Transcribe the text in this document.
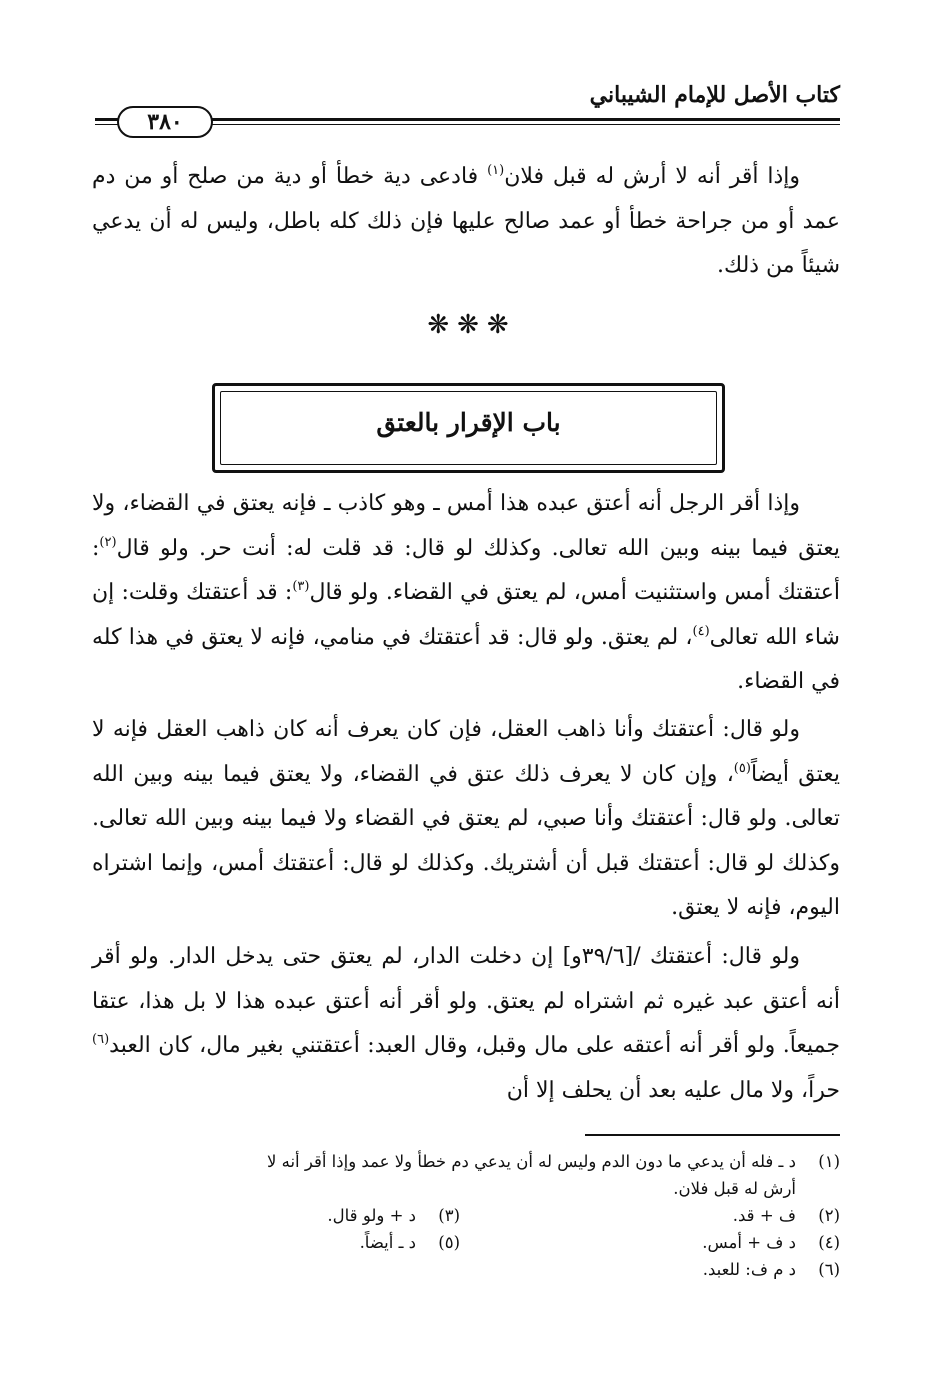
كتاب الأصل للإمام الشيباني
٣٨٠

وإذا أقر أنه لا أرش له قبل فلان$^{(١)}$ فادعى دية خطأ أو دية من صلح أو من دم عمد أو من جراحة خطأ أو عمد صالح عليها فإن ذلك كله باطل، وليس له أن يدعي شيئاً من ذلك.

❋❋❋
باب الإقرار بالعتق

وإذا أقر الرجل أنه أعتق عبده هذا أمس ـ وهو كاذب ـ فإنه يعتق في القضاء، ولا يعتق فيما بينه وبين الله تعالى. وكذلك لو قال: قد قلت له: أنت حر. ولو قال$^{(٢)}$: أعتقتك أمس واستثنيت أمس، لم يعتق في القضاء. ولو قال$^{(٣)}$: قد أعتقتك وقلت: إن شاء الله تعالى$^{(٤)}$، لم يعتق. ولو قال: قد أعتقتك في منامي، فإنه لا يعتق في هذا كله في القضاء.

ولو قال: أعتقتك وأنا ذاهب العقل، فإن كان يعرف أنه كان ذاهب العقل فإنه لا يعتق أيضاً$^{(٥)}$، وإن كان لا يعرف ذلك عتق في القضاء، ولا يعتق فيما بينه وبين الله تعالى. ولو قال: أعتقتك وأنا صبي، لم يعتق في القضاء ولا فيما بينه وبين الله تعالى. وكذلك لو قال: أعتقتك قبل أن أشتريك. وكذلك لو قال: أعتقتك أمس، وإنما اشتراه اليوم، فإنه لا يعتق.

ولو قال: أعتقتك /[٣٩/٦و] إن دخلت الدار، لم يعتق حتى يدخل الدار. ولو أقر أنه أعتق عبد غيره ثم اشتراه لم يعتق. ولو أقر أنه أعتق عبده هذا لا بل هذا، عتقا جميعاً. ولو أقر أنه أعتقه على مال وقبل، وقال العبد: أعتقتني بغير مال، كان العبد$^{(٦)}$ حراً، ولا مال عليه بعد أن يحلف إلا أن

(١)
د ـ فله أن يدعي ما دون الدم وليس له أن يدعي دم خطأ ولا عمد وإذا أقر أنه لا
أرش له قبل فلان.
(٢)
ف + قد.
(٣)
د + ولو قال.
(٤)
د ف + أمس.
(٥)
د ـ أيضاً.
(٦)
د م ف: للعبد.
